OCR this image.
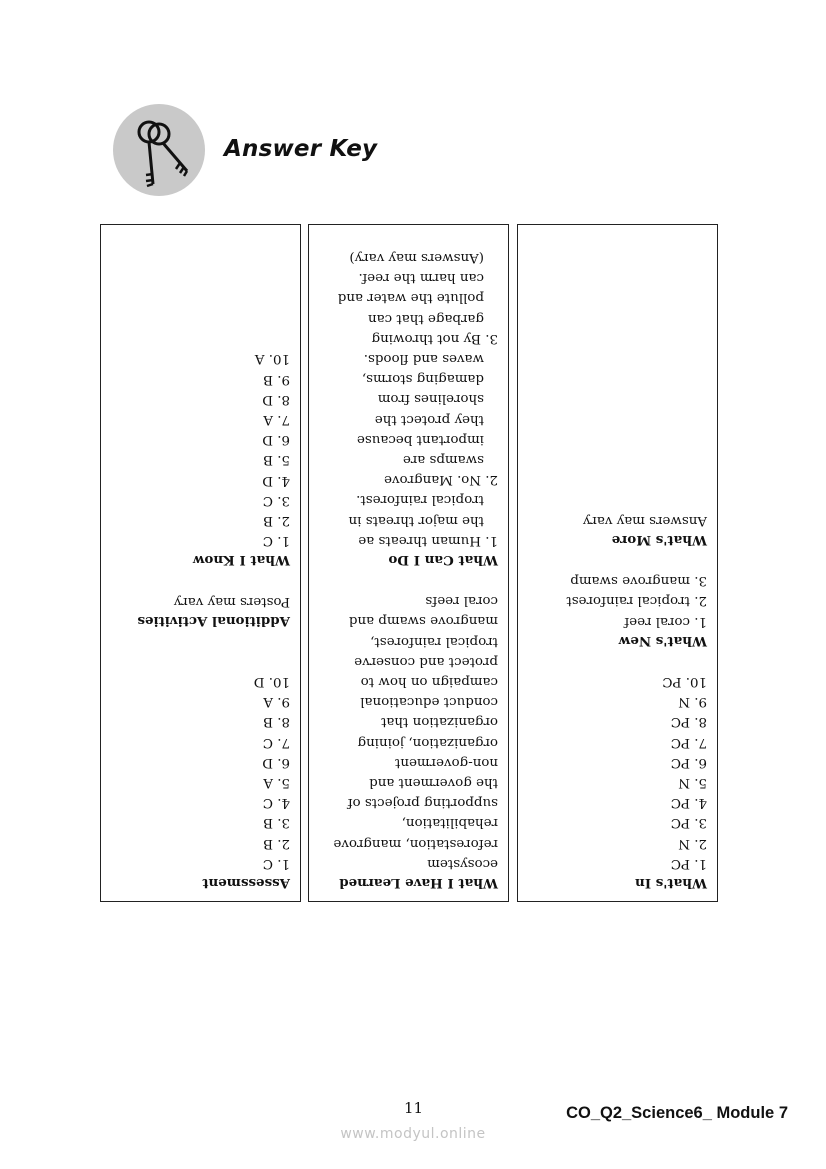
Answer Key
What's In
1. PC
2. N
3. PC
4. PC
5. N
6. PC
7. PC
8. PC
9. N
10. PC
What's New
1. coral reef
2. tropical rainforest
3. mangrove swamp
What's More
Answers may vary
What I Have Learned
ecosystem
reforestation, mangrove
rehabilitation,
supporting projects of
the goverment and
non-goverment
organization, joining
organization that
conduct educational
campaign on how to
protect and conserve
tropical rainforest,
mangrove swamp and
coral reefs
What Can I Do
1. Human threats ae
the major threats in
tropical rainforest.
2. No. Mangrove
swamps are
important because
they protect the
shorelines from
damaging storms,
waves and floods.
3. By not throwing
garbage that can
pollute the water and
can harm the reef.
(Answers may vary)
Assessment
1. C
2. B
3. B
4. C
5. A
6. D
7. C
8. B
9. A
10. D
Additional Activities
Posters may vary
What I Know
1. C
2. B
3. C
4. D
5. B
6. D
7. A
8. D
9. B
10. A
11	CO_Q2_Science6_ Module 7
www.modyul.online
